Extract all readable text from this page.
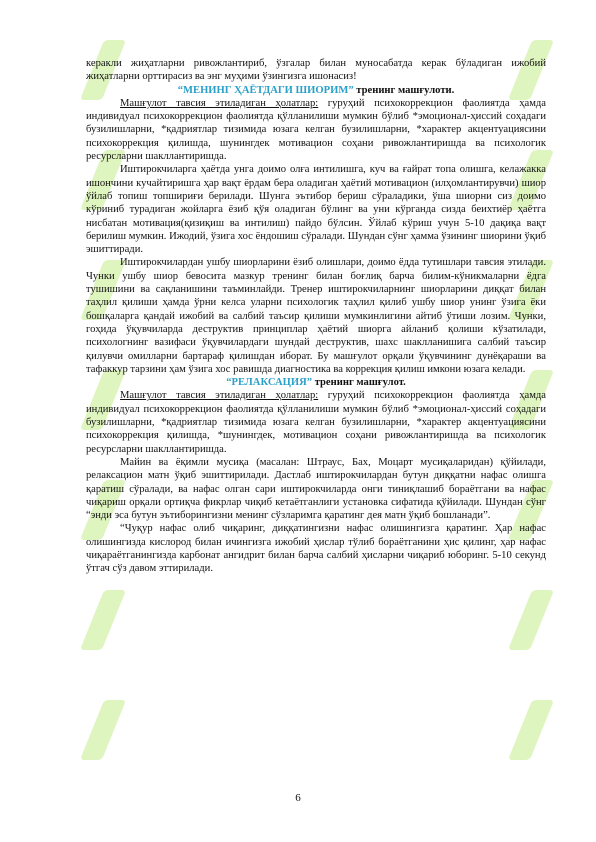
керакли жиҳатларни ривожлантириб, ўзгалар билан муносабатда керак бўладиган ижобий жиҳатларни орттирасиз ва энг муҳими ўзингизга ишонасиз!

“МЕНИНГ ҲАЁТДАГИ ШИОРИМ” тренинг машғулоти.

Машғулот тавсия этиладиган ҳолатлар: гуруҳий психокоррекцион фаолиятда ҳамда индивидуал психокоррекцион фаолиятда қўлланилиши мумкин бўлиб *эмоционал-ҳиссий соҳадаги бузилишларни, *қадриятлар тизимида юзага келган бузилишларни, *характер акцентуациясини психокоррекция қилишда, шунингдек мотивацион соҳани ривожлантиришда ва психологик ресурсларни шакллантиришда.

Иштирокчиларга ҳаётда унга доимо олға интилишга, куч ва ғайрат топа олишга, келажакка ишончини кучайтиришга ҳар вақт ёрдам бера оладиган ҳаётий мотивацион (илҳомлантирувчи) шиор ўйлаб топиш топшириғи берилади. Шунга эътибор бериш сўраладики, ўша шиорни сиз доимо кўриниб турадиган жойларга ёзиб қўя оладиган бўлинг ва уни кўрганда сизда беихтиёр ҳаётга нисбатан мотивация(қизиқиш ва интилиш) пайдо бўлсин. Ўйлаб кўриш учун 5-10 дақиқа вақт берилиш мумкин. Ижодий, ўзига хос ёндошиш сўралади. Шундан сўнг ҳамма ўзининг шиорини ўқиб эшиттиради.

Иштирокчилардан ушбу шиорларини ёзиб олишлари, доимо ёдда тутишлари тавсия этилади. Чунки ушбу шиор бевосита мазкур тренинг билан боғлиқ барча билим-кўникмаларни ёдга тушишини ва сақланишини таъминлайди. Тренер иштирокчиларнинг шиорларини диққат билан таҳлил қилиши ҳамда ўрни келса уларни психологик таҳлил қилиб ушбу шиор унинг ўзига ёки бошқаларга қандай ижобий ва салбий таъсир қилиши мумкинлигини айтиб ўтиши лозим. Чунки, гоҳида ўқувчиларда деструктив принциплар ҳаётий шиорга айланиб қолиши кўзатилади, психологнинг вазифаси ўқувчилардаги шундай деструктив, шахс шаклланишига салбий таъсир қилувчи омилларни бартараф қилишдан иборат. Бу машғулот орқали ўқувчининг дунёқараши ва тафаккур тарзини ҳам ўзига хос равишда диагностика ва коррекция қилиш имкони юзага келади.

“РЕЛАКСАЦИЯ” тренинг машғулот.

Машғулот тавсия этиладиган ҳолатлар: гуруҳий психокоррекцион фаолиятда ҳамда индивидуал психокоррекцион фаолиятда қўлланилиши мумкин бўлиб *эмоционал-ҳиссий соҳадаги бузилишларни, *қадриятлар тизимида юзага келган бузилишларни, *характер акцентуациясини психокоррекция қилишда, *шунингдек, мотивацион соҳани ривожлантиришда ва психологик ресурсларни шакллантиришда.

Майин ва ёқимли мусиқа (масалан: Штраус, Бах, Моцарт мусиқаларидан) қўйилади, релаксацион матн ўқиб эшиттирилади. Дастлаб иштирокчилардан бутун диққатни нафас олишга қаратиш сўралади, ва нафас олган сари иштирокчиларда онги тиниқлашиб бораётгани ва нафас чиқариш орқали ортиқча фикрлар чиқиб кетаётганлиги установка сифатида қўйилади. Шундан сўнг “энди эса бутун эътиборингизни менинг сўзларимга қаратинг дея матн ўқиб бошланади”.

“Чуқур нафас олиб чиқаринг, диққатингизни нафас олишингизга қаратинг. Ҳар нафас олишингизда кислород билан ичингизга ижобий ҳислар тўлиб бораётганини ҳис қилинг, ҳар нафас чиқараётганингизда карбонат ангидрит билан барча салбий ҳисларни чиқариб юборинг. 5-10 секунд ўтгач сўз давом эттирилади.

6
